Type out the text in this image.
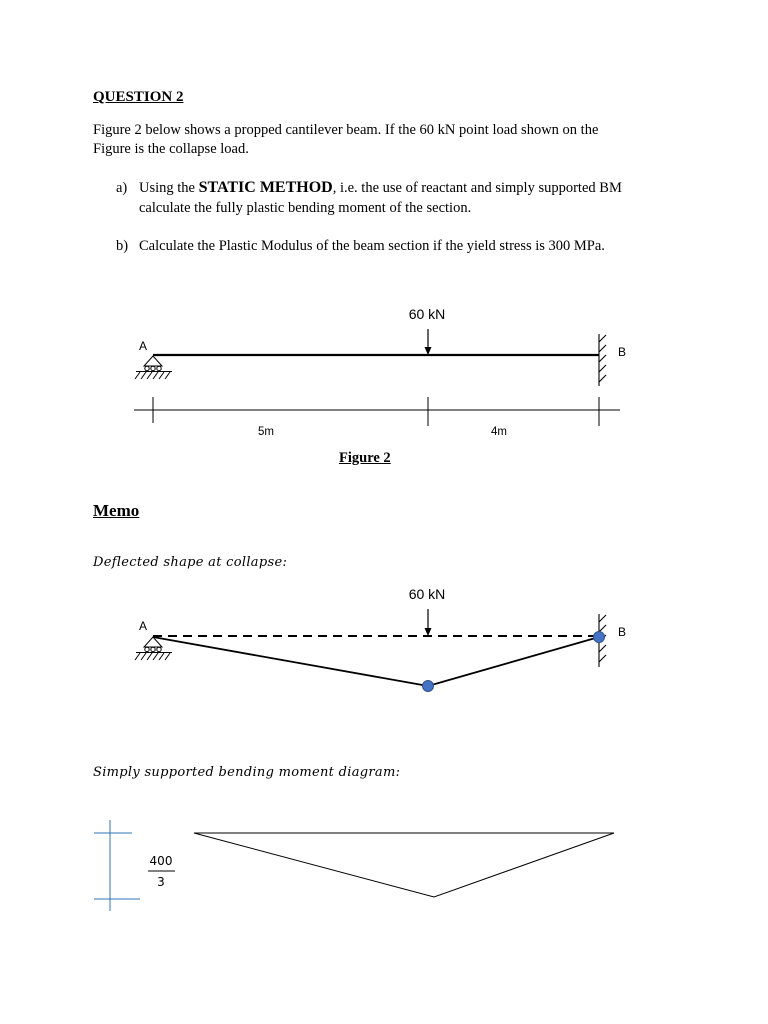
QUESTION 2
Figure 2 below shows a propped cantilever beam. If the 60 kN point load shown on the
Figure is the collapse load.
a) Using the STATIC METHOD, i.e. the use of reactant and simply supported BM
calculate the fully plastic bending moment of the section.
b) Calculate the Plastic Modulus of the beam section if the yield stress is 300 MPa.
60 kN
A	B
5m	4m
60 kN
A	B
400
3
Figure 2
Memo
Deflected shape at collapse:
Simply supported bending moment diagram:
